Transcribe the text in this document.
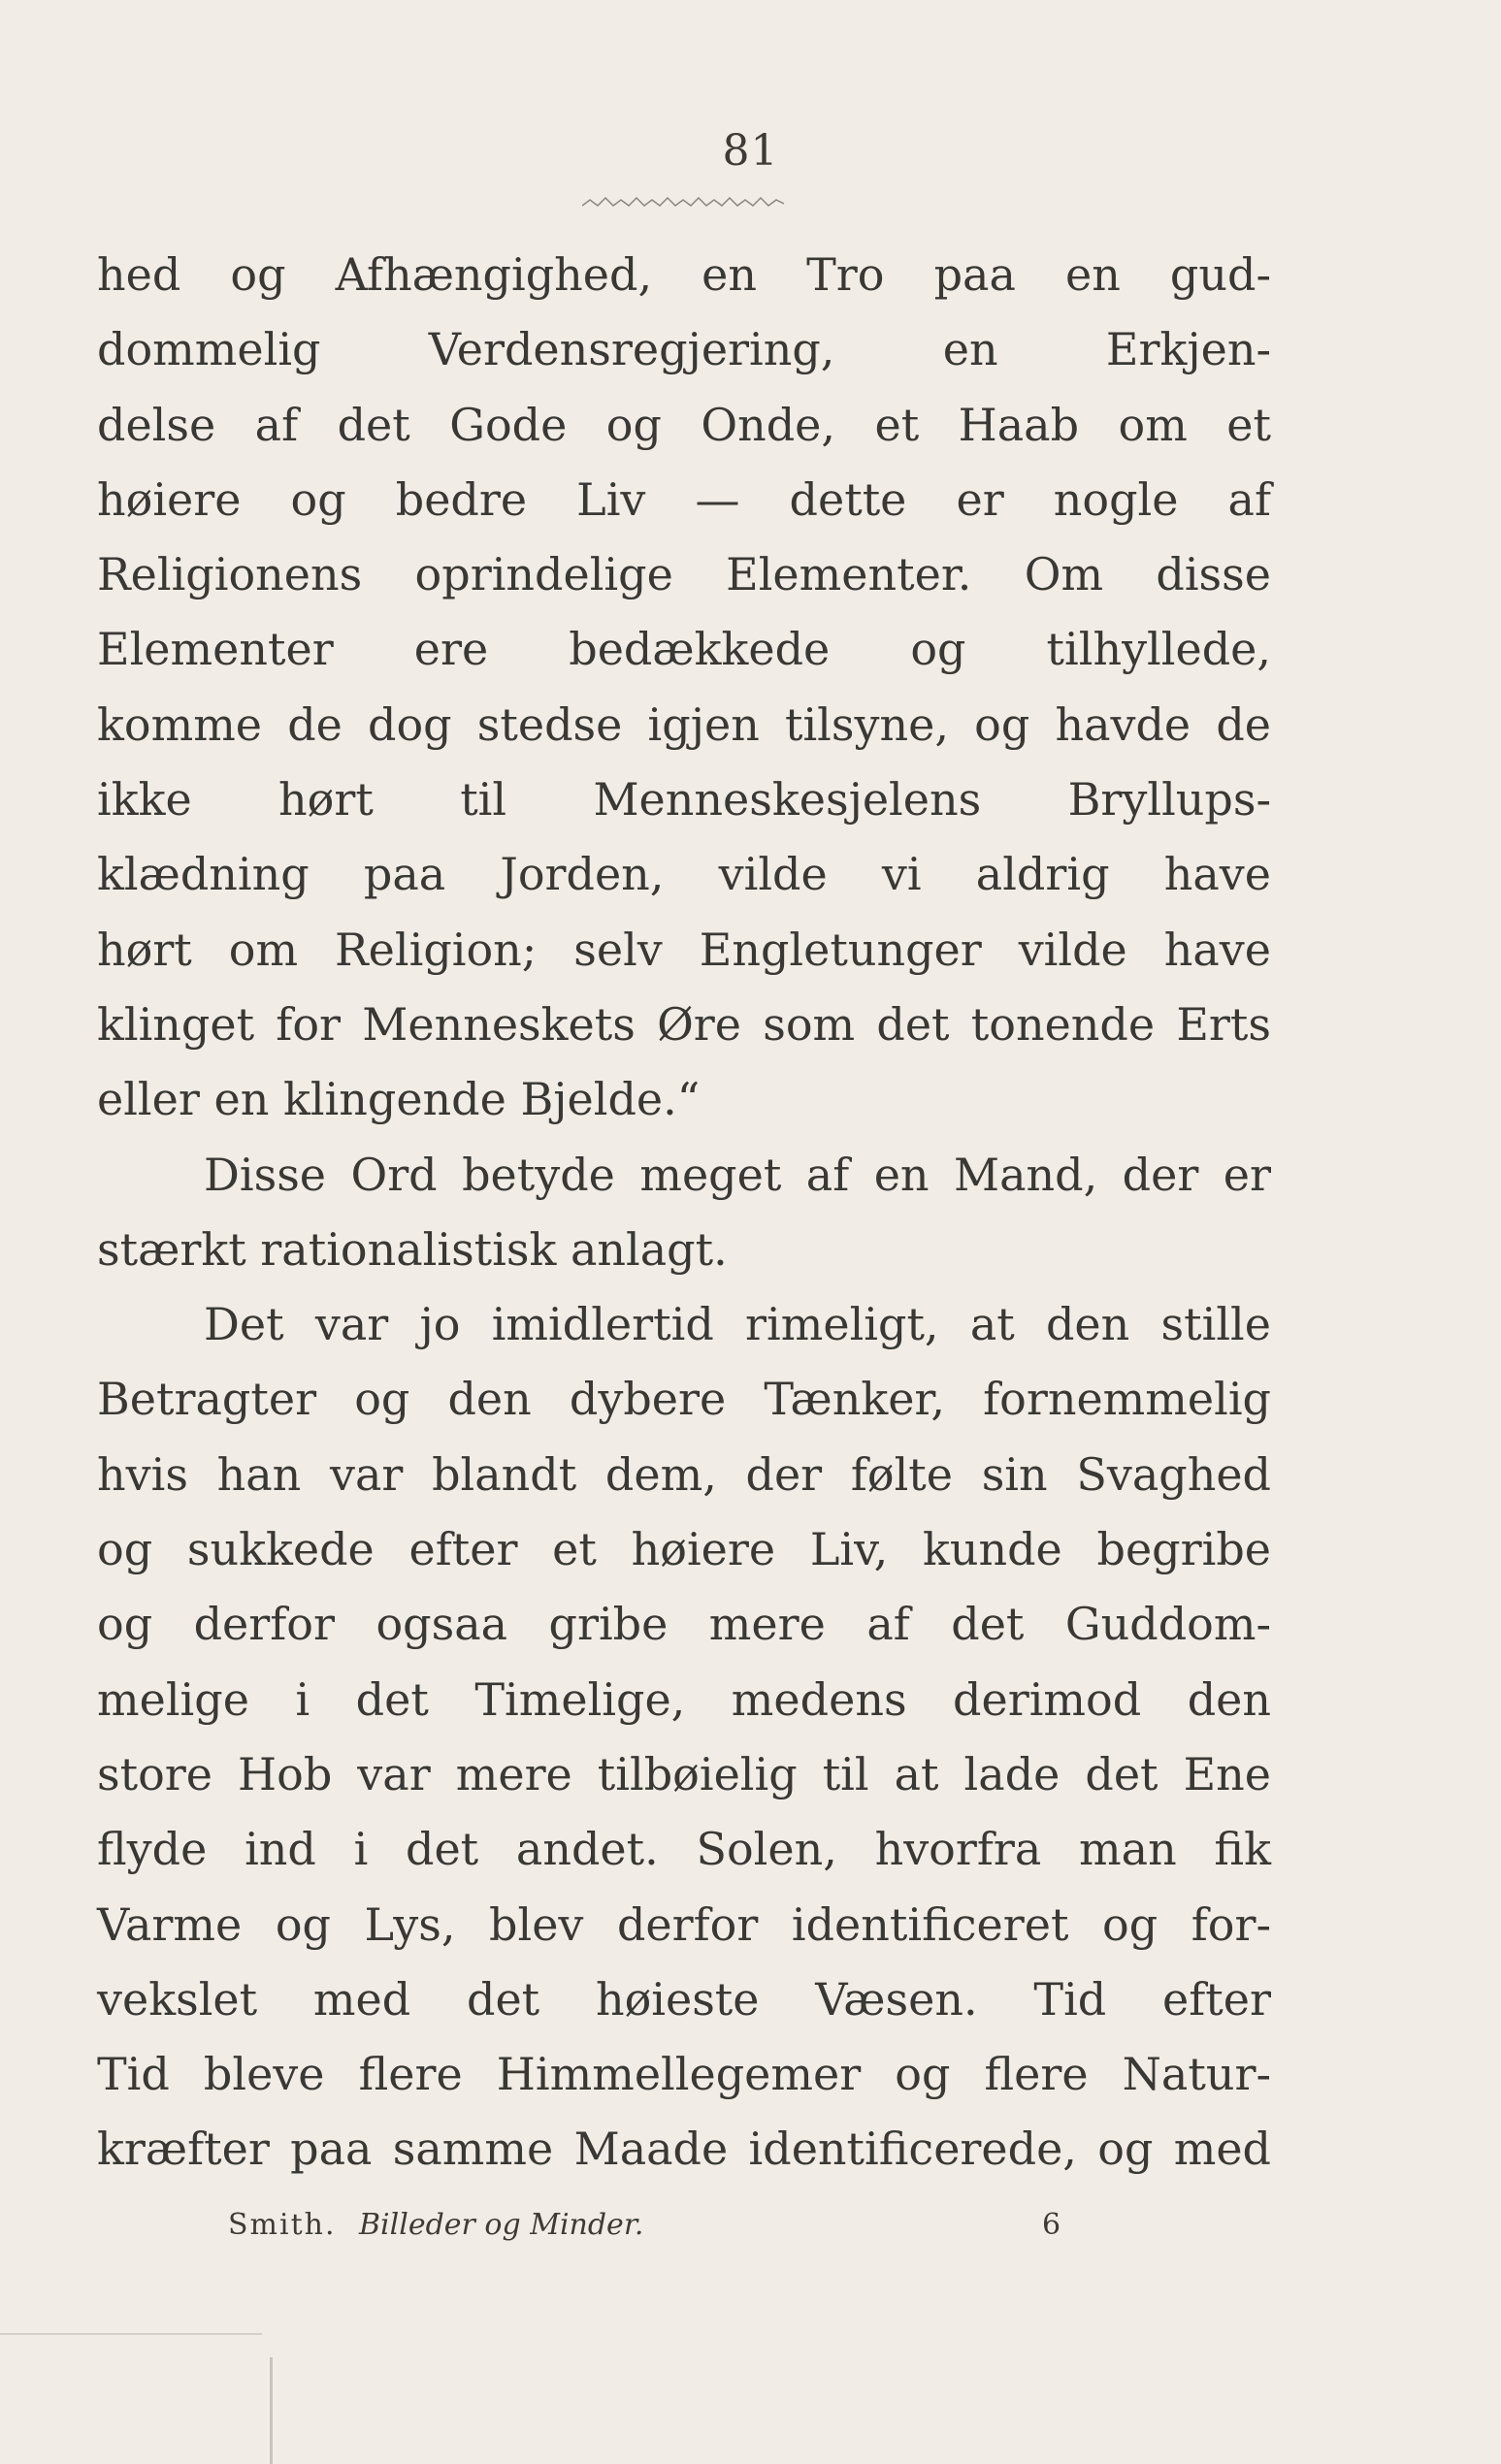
81
hed og Afhængighed, en Tro paa en gud-
dommelig Verdensregjering, en Erkjen-
delse af det Gode og Onde, et Haab om et
høiere og bedre Liv — dette er nogle af
Religionens oprindelige Elementer. Om disse
Elementer ere bedækkede og tilhyllede,
komme de dog stedse igjen tilsyne, og havde de
ikke hørt til Menneskesjelens Bryllups-
klædning paa Jorden, vilde vi aldrig have
hørt om Religion; selv Engletunger vilde have
klinget for Menneskets Øre som det tonende Erts
eller en klingende Bjelde.“
Disse Ord betyde meget af en Mand, der er
stærkt rationalistisk anlagt.
Det var jo imidlertid rimeligt, at den stille
Betragter og den dybere Tænker, fornemmelig
hvis han var blandt dem, der følte sin Svaghed
og sukkede efter et høiere Liv, kunde begribe
og derfor ogsaa gribe mere af det Guddom-
melige i det Timelige, medens derimod den
store Hob var mere tilbøielig til at lade det Ene
flyde ind i det andet. Solen, hvorfra man fik
Varme og Lys, blev derfor identificeret og for-
vekslet med det høieste Væsen. Tid efter
Tid bleve flere Himmellegemer og flere Natur-
kræfter paa samme Maade identificerede, og med
Smith. Billeder og Minder.	6
